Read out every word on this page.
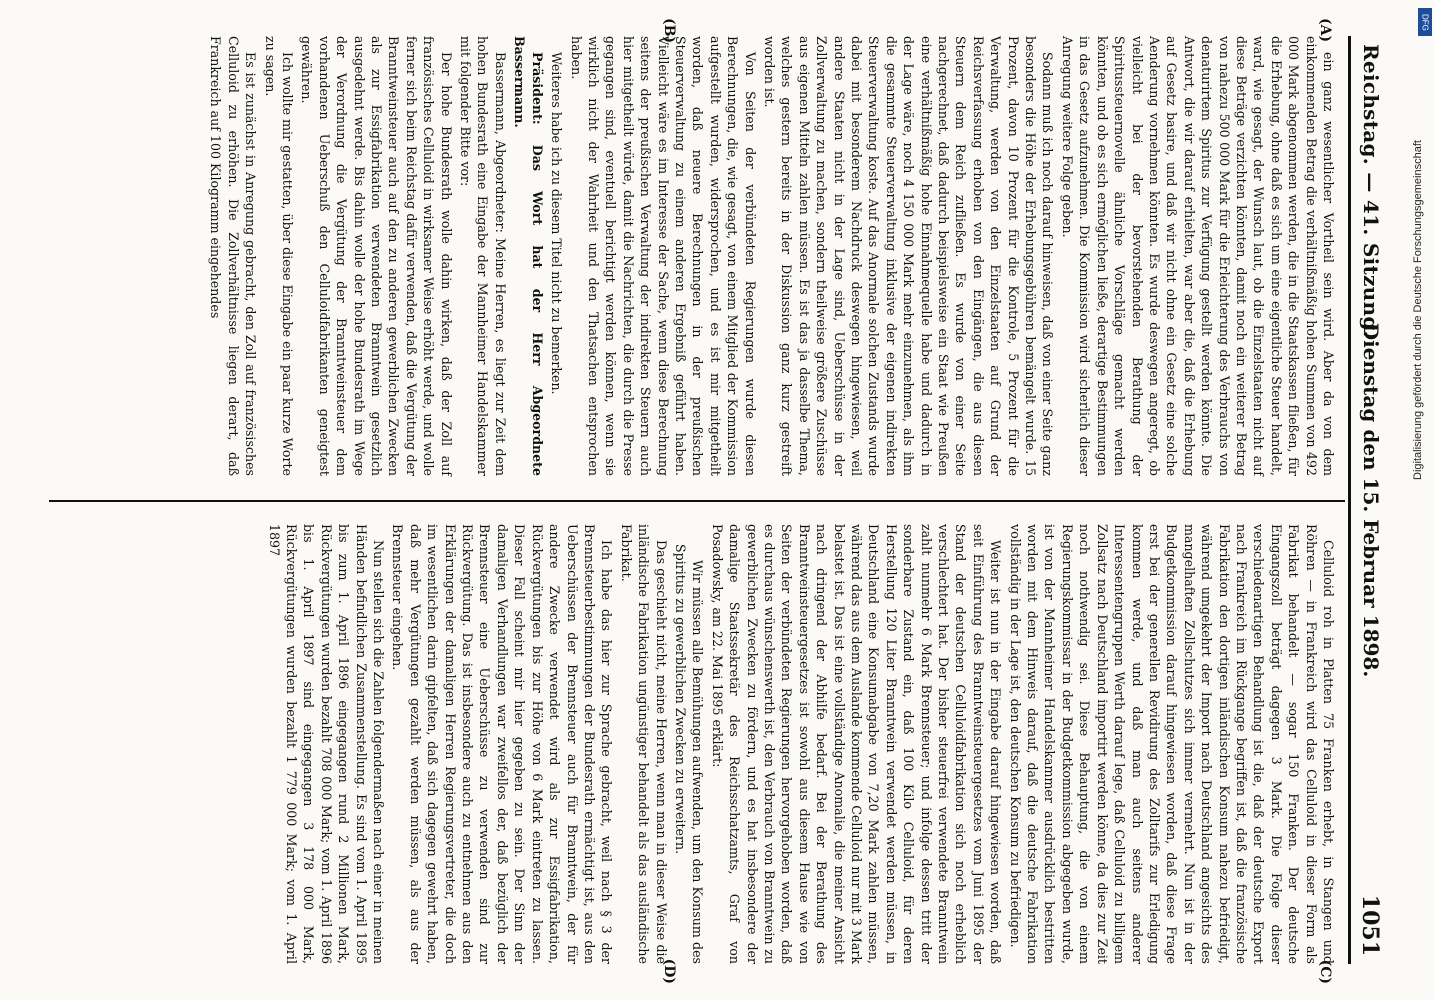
Reichstag. — 41. Sitzung.
Dienstag den 15. Februar 1898.
1051
(A)
(B)
(C)
(D)

ein ganz wesentlicher Vortheil sein wird. Aber da von dem einkommenden Betrag die verhältnißmäßig hohen Summen von 492 000 Mark abgenommen werden, die in die Staatskassen fließen, für die Erhebung, ohne daß es sich um eine eigentliche Steuer handelt, ward, wie gesagt, der Wunsch laut, ob die Einzelstaaten nicht auf diese Beträge verzichten könnten, damit noch ein weiterer Betrag von nahezu 500 000 Mark für die Erleichterung des Verbrauchs von denaturirtem Spiritus zur Verfügung gestellt werden könnte. Die Antwort, die wir darauf erhielten, war aber die, daß die Erhebung auf Gesetz basire, und daß wir nicht ohne ein Gesetz eine solche Aenderung vornehmen könnten. Es wurde deswegen angeregt, ob vielleicht bei der bevorstehenden Berathung der Spiritussteuernovelle ähnliche Vorschläge gemacht werden könnten, und ob es sich ermöglichen ließe, derartige Bestimmungen in das Gesetz aufzunehmen. Die Kommission wird sicherlich dieser Anregung weitere Folge geben.

Sodann muß ich noch darauf hinweisen, daß von einer Seite ganz besonders die Höhe der Erhebungsgebühren bemängelt wurde. 15 Prozent, davon 10 Prozent für die Kontrole, 5 Prozent für die Verwaltung, werden von den Einzelstaaten auf Grund der Reichsverfassung erhoben von den Eingängen, die aus diesen Steuern dem Reich zufließen. Es wurde von einer Seite nachgerechnet, daß dadurch beispielsweise ein Staat wie Preußen eine verhältnißmäßig hohe Einnahmequelle habe und dadurch in der Lage wäre, noch 4 150 000 Mark mehr einzunehmen, als ihm die gesammte Steuerverwaltung inklusive der eigenen indirekten Steuerverwaltung koste. Auf das Anormale solchen Zustands wurde dabei mit besonderem Nachdruck deswegen hingewiesen, weil andere Staaten nicht in der Lage sind, Ueberschüsse in der Zollverwaltung zu machen, sondern theilweise größere Zuschüsse aus eigenen Mitteln zahlen müssen. Es ist das ja dasselbe Thema, welches gestern bereits in der Diskussion ganz kurz gestreift worden ist.

Von Seiten der verbündeten Regierungen wurde diesen Berechnungen, die, wie gesagt, von einem Mitglied der Kommission aufgestellt wurden, widersprochen, und es ist mir mitgetheilt worden, daß neuere Berechnungen in der preußischen Steuerverwaltung zu einem anderen Ergebniß geführt haben. Vielleicht wäre es im Interesse der Sache, wenn diese Berechnung seitens der preußischen Verwaltung der indirekten Steuern auch hier mitgetheilt würde, damit die Nachrichten, die durch die Presse gegangen sind, eventuell berichtigt werden können, wenn sie wirklich nicht der Wahrheit und den Thatsachen entsprochen haben.

Weiteres habe ich zu diesem Titel nicht zu bemerken.

Präsident: Das Wort hat der Herr Abgeordnete Bassermann.

Bassermann, Abgeordneter: Meine Herren, es liegt zur Zeit dem hohen Bundesrath eine Eingabe der Mannheimer Handelskammer mit folgender Bitte vor:

Der hohe Bundesrath wolle dahin wirken, daß der Zoll auf französisches Celluloid in wirksamer Weise erhöht werde, und wolle ferner sich beim Reichstag dafür verwenden, daß die Vergütung der Branntweinsteuer auch auf den zu anderen gewerblichen Zwecken als zur Essigfabrikation verwendeten Branntwein gesetzlich ausgedehnt werde. Bis dahin wolle der hohe Bundesrath im Wege der Verordnung die Vergütung der Branntweinsteuer dem vorhandenen Ueberschuß den Celluloidfabrikanten geneigtest gewähren.

Ich wollte mir gestatten, über diese Eingabe ein paar kurze Worte zu sagen.

Es ist zunächst in Anregung gebracht, den Zoll auf französisches Celluloid zu erhöhen. Die Zollverhältnisse liegen derart, daß Frankreich auf 100 Kilogramm eingehendes

Celluloid roh in Platten 75 Franken erhebt, in Stangen und Röhren — in Frankreich wird das Celluloid in dieser Form als Fabrikat behandelt — sogar 150 Franken. Der deutsche Eingangszoll beträgt dagegen 3 Mark. Die Folge dieser verschiedenartigen Behandlung ist die, daß der deutsche Export nach Frankreich im Rückgange begriffen ist, daß die französische Fabrikation den dortigen inländischen Konsum nahezu befriedigt, während umgekehrt der Import nach Deutschland angesichts des mangelhaften Zollschutzes sich immer vermehrt. Nun ist in der Budgetkommission darauf hingewiesen worden, daß diese Frage erst bei der generellen Revidirung des Zolltarifs zur Erledigung kommen werde, und daß man auch seitens anderer Interessentengruppen Werth darauf lege, daß Celluloid zu billigem Zollsatz nach Deutschland importirt werden könne, da dies zur Zeit noch nothwendig sei. Diese Behauptung, die von einem Regierungskommissar in der Budgetkommission abgegeben wurde, ist von der Mannheimer Handelskammer ausdrücklich bestritten worden mit dem Hinweis darauf, daß die deutsche Fabrikation vollständig in der Lage ist, den deutschen Konsum zu befriedigen.

Weiter ist nun in der Eingabe darauf hingewiesen worden, daß seit Einführung des Branntweinsteuergesetzes vom Juni 1895 der Stand der deutschen Celluloidfabrikation sich noch erheblich verschlechtert hat. Der bisher steuerfrei verwendete Branntwein zahlt nunmehr 6 Mark Brennsteuer; und infolge dessen tritt der sonderbare Zustand ein, daß 100 Kilo Celluloid, für deren Herstellung 120 Liter Branntwein verwendet werden müssen, in Deutschland eine Konsumabgabe von 7,20 Mark zahlen müssen, während das aus dem Auslande kommende Celluloid nur mit 3 Mark belastet ist. Das ist eine vollständige Anomalie, die meiner Ansicht nach dringend der Abhilfe bedarf. Bei der Berathung des Branntweinsteuergesetzes ist sowohl aus diesem Hause wie von Seiten der verbündeten Regierungen hervorgehoben worden, daß es durchaus wünschenswerth ist, den Verbrauch von Branntwein zu gewerblichen Zwecken zu fördern, und es hat insbesondere der damalige Staatssekretär des Reichsschatzamts, Graf von Posadowsky, am 22. Mai 1895 erklärt:

Wir müssen alle Bemühungen aufwenden, um den Konsum des Spiritus zu gewerblichen Zwecken zu erweitern.

Das geschieht nicht, meine Herren, wenn man in dieser Weise die inländische Fabrikation ungünstiger behandelt als das ausländische Fabrikat.

Ich habe das hier zur Sprache gebracht, weil nach § 3 der Brennsteuerbestimmungen der Bundesrath ermächtigt ist, aus den Ueberschüssen der Brennsteuer auch für Branntwein, der für andere Zwecke verwendet wird als zur Essigfabrikation, Rückvergütungen bis zur Höhe von 6 Mark eintreten zu lassen. Dieser Fall scheint mir hier gegeben zu sein. Der Sinn der damaligen Verhandlungen war zweifellos der, daß bezüglich der Brennsteuer eine Ueberschüsse zu verwenden sind zur Rückvergütung. Das ist insbesondere auch zu entnehmen aus den Erklärungen der damaligen Herren Regierungsvertreter, die doch im wesentlichen darin gipfelten, daß sich dagegen gewehrt haben, daß mehr Vergütungen gezahlt werden müssen, als aus der Brennsteuer eingehen.

Nun stellen sich die Zahlen folgendermaßen nach einer in meinen Händen befindlichen Zusammenstellung. Es sind vom 1. April 1895 bis zum 1. April 1896 eingegangen rund 2 Millionen Mark, Rückvergütungen wurden bezahlt 708 000 Mark; vom 1. April 1896 bis 1. April 1897 sind eingegangen 3 178 000 Mark, Rückvergütungen wurden bezahlt 1 779 000 Mark; vom 1. April 1897

DFG
Digitalisierung gefördert durch die Deutsche Forschungsgemeinschaft
